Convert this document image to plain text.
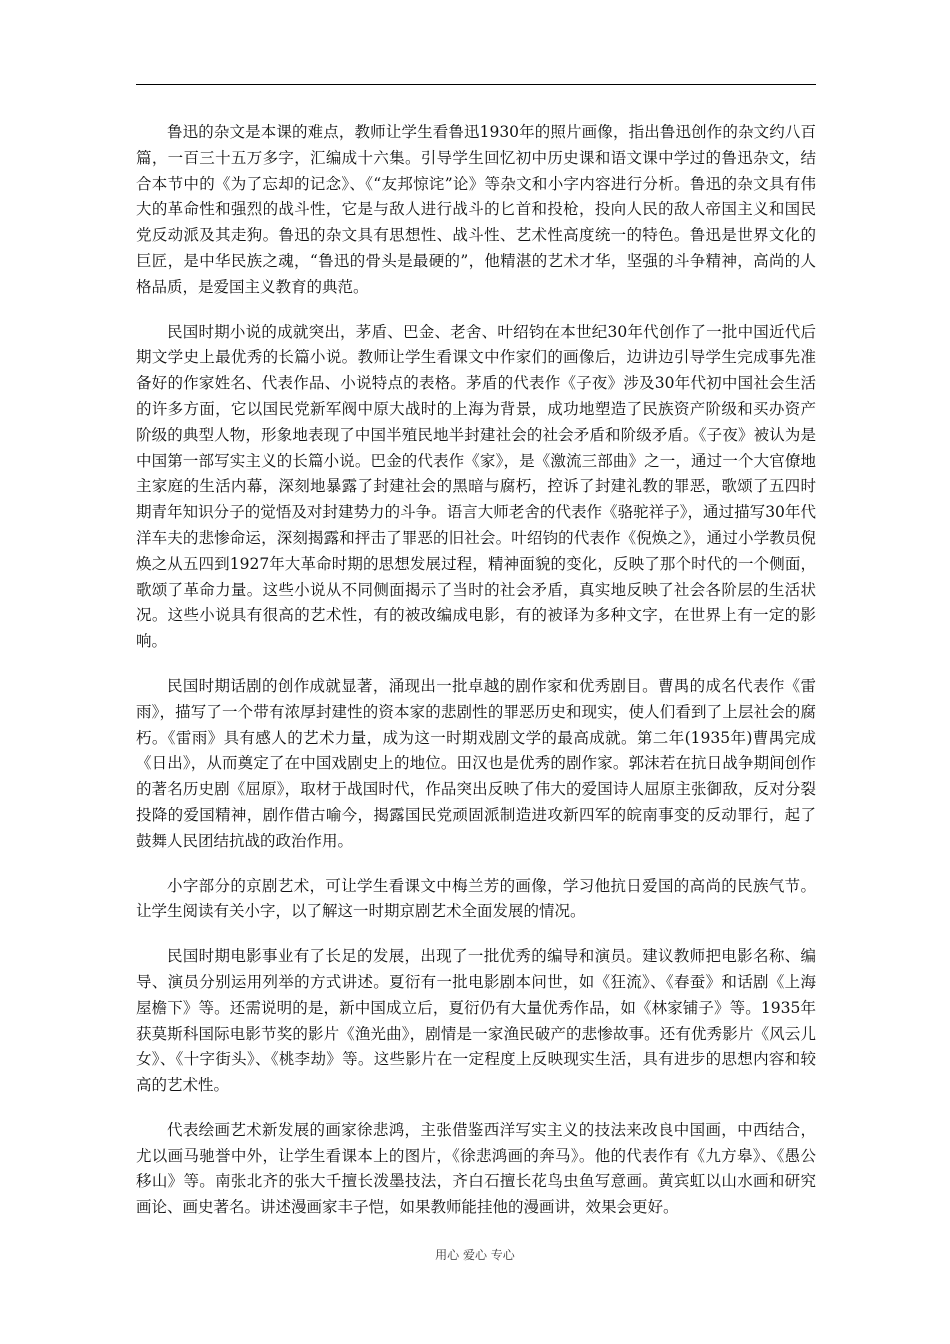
鲁迅的杂文是本课的难点，教师让学生看鲁迅1930年的照片画像，指出鲁迅创作的杂文约八百篇，一百三十五万多字，汇编成十六集。引导学生回忆初中历史课和语文课中学过的鲁迅杂文，结合本节中的《为了忘却的记念》、《“友邦惊诧”论》等杂文和小字内容进行分析。鲁迅的杂文具有伟大的革命性和强烈的战斗性，它是与敌人进行战斗的匕首和投枪，投向人民的敌人帝国主义和国民党反动派及其走狗。鲁迅的杂文具有思想性、战斗性、艺术性高度统一的特色。鲁迅是世界文化的巨匠，是中华民族之魂，“鲁迅的骨头是最硬的”，他精湛的艺术才华，坚强的斗争精神，高尚的人格品质，是爱国主义教育的典范。

民国时期小说的成就突出，茅盾、巴金、老舍、叶绍钧在本世纪30年代创作了一批中国近代后期文学史上最优秀的长篇小说。教师让学生看课文中作家们的画像后，边讲边引导学生完成事先准备好的作家姓名、代表作品、小说特点的表格。茅盾的代表作《子夜》涉及30年代初中国社会生活的许多方面，它以国民党新军阀中原大战时的上海为背景，成功地塑造了民族资产阶级和买办资产阶级的典型人物，形象地表现了中国半殖民地半封建社会的社会矛盾和阶级矛盾。《子夜》被认为是中国第一部写实主义的长篇小说。巴金的代表作《家》，是《激流三部曲》之一，通过一个大官僚地主家庭的生活内幕，深刻地暴露了封建社会的黑暗与腐朽，控诉了封建礼教的罪恶，歌颂了五四时期青年知识分子的觉悟及对封建势力的斗争。语言大师老舍的代表作《骆驼祥子》，通过描写30年代洋车夫的悲惨命运，深刻揭露和抨击了罪恶的旧社会。叶绍钧的代表作《倪焕之》，通过小学教员倪焕之从五四到1927年大革命时期的思想发展过程，精神面貌的变化，反映了那个时代的一个侧面，歌颂了革命力量。这些小说从不同侧面揭示了当时的社会矛盾，真实地反映了社会各阶层的生活状况。这些小说具有很高的艺术性，有的被改编成电影，有的被译为多种文字，在世界上有一定的影响。

民国时期话剧的创作成就显著，涌现出一批卓越的剧作家和优秀剧目。曹禺的成名代表作《雷雨》，描写了一个带有浓厚封建性的资本家的悲剧性的罪恶历史和现实，使人们看到了上层社会的腐朽。《雷雨》具有感人的艺术力量，成为这一时期戏剧文学的最高成就。第二年(1935年)曹禺完成《日出》，从而奠定了在中国戏剧史上的地位。田汉也是优秀的剧作家。郭沫若在抗日战争期间创作的著名历史剧《屈原》，取材于战国时代，作品突出反映了伟大的爱国诗人屈原主张御敌，反对分裂投降的爱国精神，剧作借古喻今，揭露国民党顽固派制造进攻新四军的皖南事变的反动罪行，起了鼓舞人民团结抗战的政治作用。

小字部分的京剧艺术，可让学生看课文中梅兰芳的画像，学习他抗日爱国的高尚的民族气节。让学生阅读有关小字，以了解这一时期京剧艺术全面发展的情况。

民国时期电影事业有了长足的发展，出现了一批优秀的编导和演员。建议教师把电影名称、编导、演员分别运用列举的方式讲述。夏衍有一批电影剧本问世，如《狂流》、《春蚕》和话剧《上海屋檐下》等。还需说明的是，新中国成立后，夏衍仍有大量优秀作品，如《林家铺子》等。1935年获莫斯科国际电影节奖的影片《渔光曲》，剧情是一家渔民破产的悲惨故事。还有优秀影片《风云儿女》、《十字街头》、《桃李劫》等。这些影片在一定程度上反映现实生活，具有进步的思想内容和较高的艺术性。

代表绘画艺术新发展的画家徐悲鸿，主张借鉴西洋写实主义的技法来改良中国画，中西结合，尤以画马驰誉中外，让学生看课本上的图片，《徐悲鸿画的奔马》。他的代表作有《九方皋》、《愚公移山》等。南张北齐的张大千擅长泼墨技法，齐白石擅长花鸟虫鱼写意画。黄宾虹以山水画和研究画论、画史著名。讲述漫画家丰子恺，如果教师能挂他的漫画讲，效果会更好。

用心 爱心 专心
